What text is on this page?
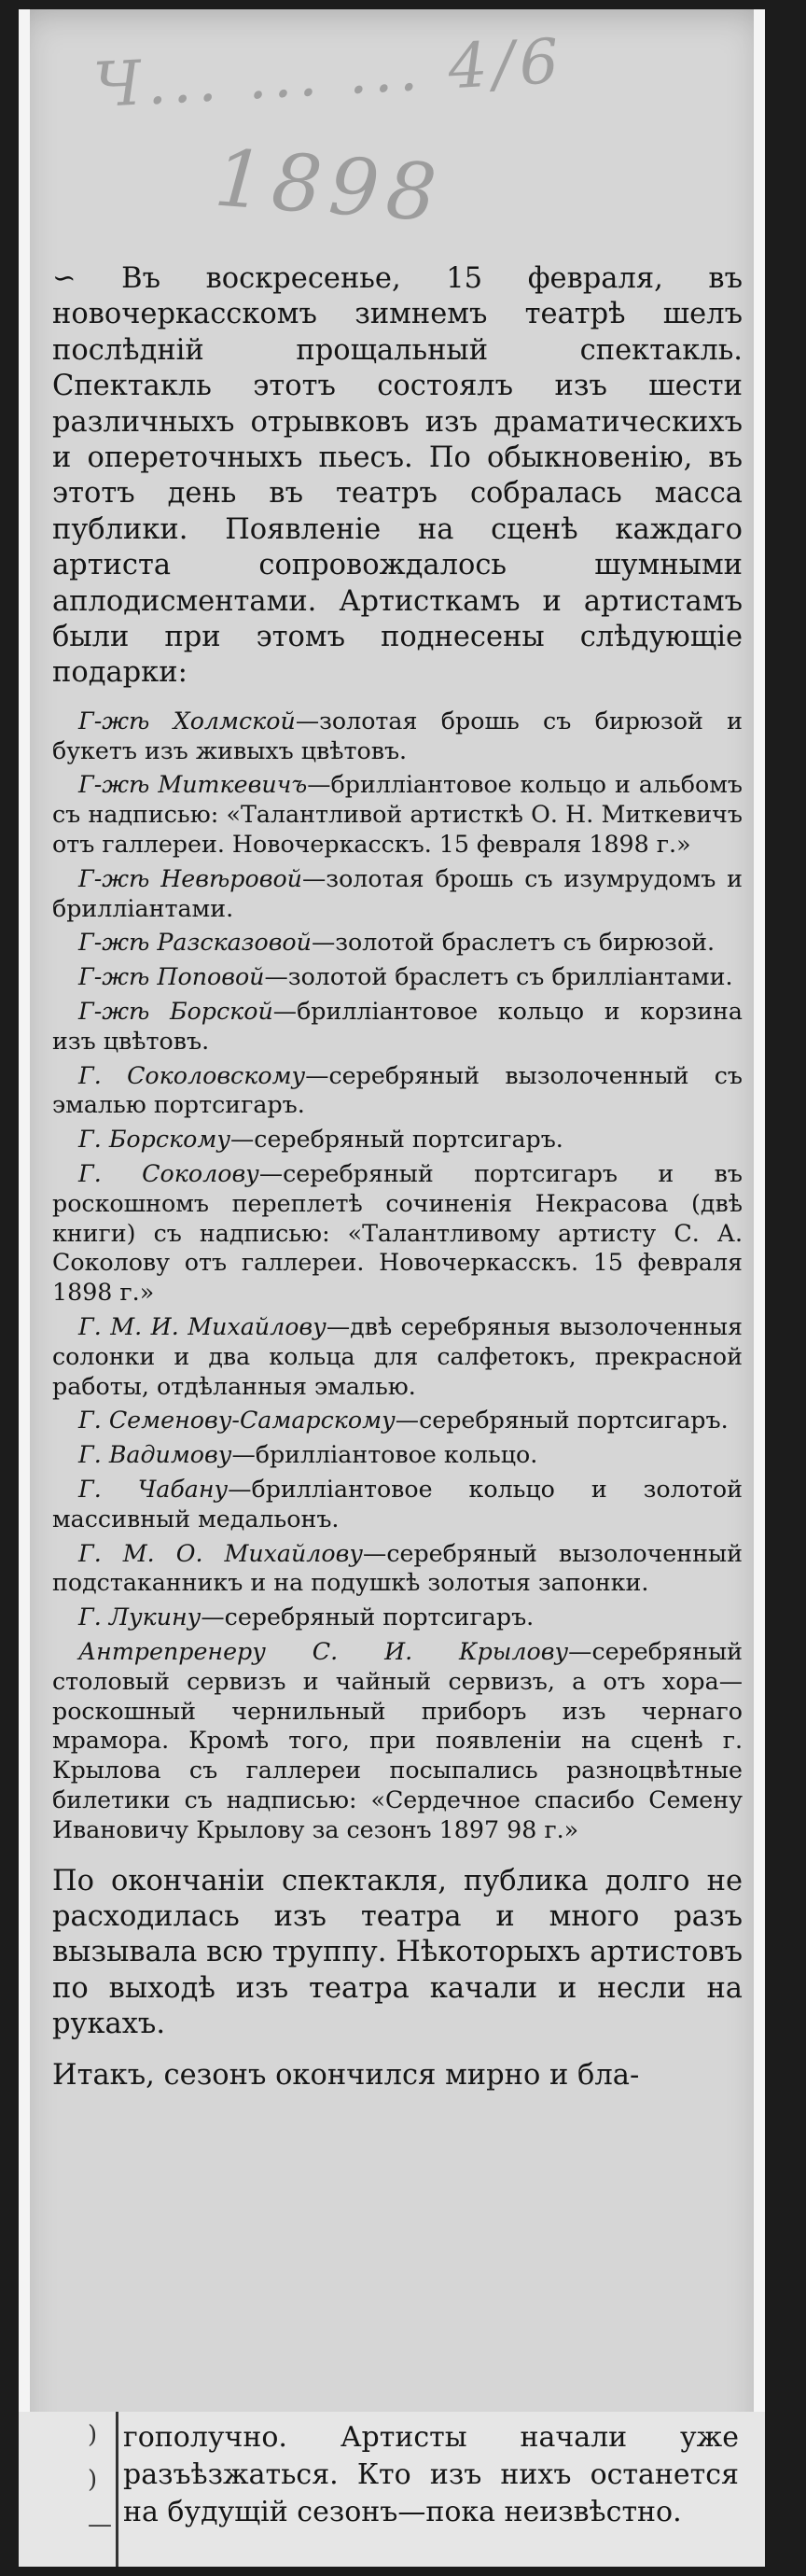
Ч... ... ... 4/6
1898

∽ Въ воскресенье, 15 февраля, въ новочеркасскомъ зимнемъ театрѣ шелъ послѣднiй прощальный спектакль. Спектакль этотъ состоялъ изъ шести различныхъ отрывковъ изъ драматическихъ и опереточныхъ пьесъ. По обыкновенiю, въ этотъ день въ театръ собралась масса публики. Появленiе на сценѣ каждаго артиста сопровождалось шумными аплодисментами. Артисткамъ и артистамъ были при этомъ поднесены слѣдующiе подарки:

Г-жѣ Холмской—золотая брошь съ бирюзой и букетъ изъ живыхъ цвѣтовъ.

Г-жѣ Миткевичъ—брилліантовое кольцо и альбомъ съ надписью: «Талантливой артисткѣ О. Н. Миткевичъ отъ галлереи. Новочеркасскъ. 15 февраля 1898 г.»

Г-жѣ Невѣровой—золотая брошь съ изумрудомъ и брилліантами.

Г-жѣ Разсказовой—золотой браслетъ съ бирюзой.

Г-жѣ Поповой—золотой браслетъ съ брилліантами.

Г-жѣ Борской—брилліантовое кольцо и корзина изъ цвѣтовъ.

Г. Соколовскому—серебряный вызолоченный съ эмалью портсигаръ.

Г. Борскому—серебряный портсигаръ.

Г. Соколову—серебряный портсигаръ и въ роскошномъ переплетѣ сочиненія Некрасова (двѣ книги) съ надписью: «Талантливому артисту С. А. Соколову отъ галлереи. Новочеркасскъ. 15 февраля 1898 г.»

Г. М. И. Михайлову—двѣ серебряныя вызолоченныя солонки и два кольца для салфетокъ, прекрасной работы, отдѣланныя эмалью.

Г. Семенову-Самарскому—серебряный портсигаръ.

Г. Вадимову—брилліантовое кольцо.

Г. Чабану—брилліантовое кольцо и золотой массивный медальонъ.

Г. М. О. Михайлову—серебряный вызолоченный подстаканникъ и на подушкѣ золотыя запонки.

Г. Лукину—серебряный портсигаръ.

Антрепренеру С. И. Крылову—серебряный столовый сервизъ и чайный сервизъ, а отъ хора—роскошный чернильный приборъ изъ чернаго мрамора. Кромѣ того, при появленіи на сценѣ г. Крылова съ галлереи посыпались разноцвѣтные билетики съ надписью: «Сердечное спасибо Семену Ивановичу Крылову за сезонъ 1897 98 г.»

По окончаніи спектакля, публика долго не расходилась изъ театра и много разъ вызывала всю труппу. Нѣкоторыхъ артистовъ по выходѣ изъ театра качали и несли на рукахъ.

Итакъ, сезонъ окончился мирно и бла-

)
)
—

гополучно. Артисты начали уже разъѣзжаться. Кто изъ нихъ останется на будущій сезонъ—пока неизвѣстно.
